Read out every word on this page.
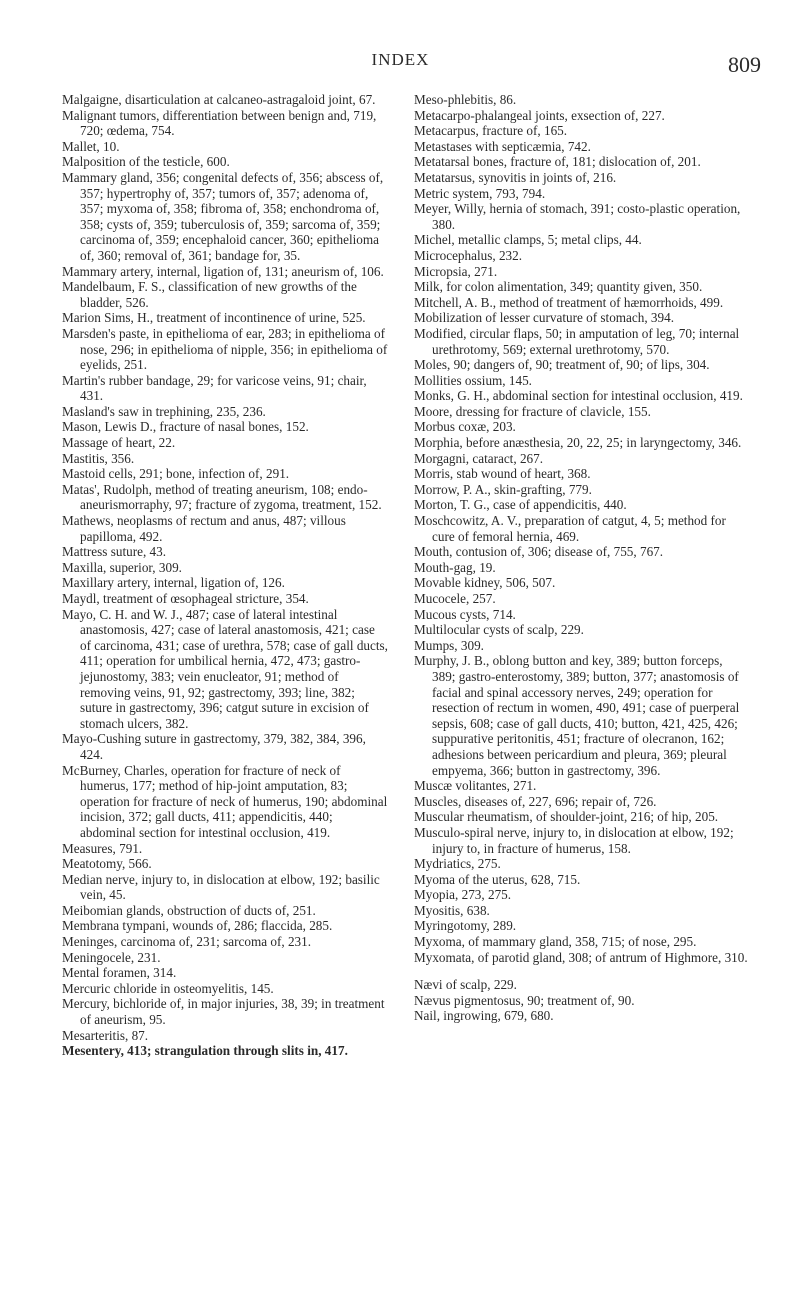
INDEX	809
Malgaigne, disarticulation at calcaneo-astragaloid joint, 67.
Malignant tumors, differentiation between benign and, 719, 720; œdema, 754.
Mallet, 10.
Malposition of the testicle, 600.
Mammary gland, 356; congenital defects of, 356; abscess of, 357; hypertrophy of, 357; tumors of, 357; adenoma of, 357; myxoma of, 358; fibroma of, 358; enchondroma of, 358; cysts of, 359; tuberculosis of, 359; sarcoma of, 359; carcinoma of, 359; encephaloid cancer, 360; epithelioma of, 360; removal of, 361; bandage for, 35.
Mammary artery, internal, ligation of, 131; aneurism of, 106.
Mandelbaum, F. S., classification of new growths of the bladder, 526.
Marion Sims, H., treatment of incontinence of urine, 525.
Marsden's paste, in epithelioma of ear, 283; in epithelioma of nose, 296; in epithelioma of nipple, 356; in epithelioma of eyelids, 251.
Martin's rubber bandage, 29; for varicose veins, 91; chair, 431.
Masland's saw in trephining, 235, 236.
Mason, Lewis D., fracture of nasal bones, 152.
Massage of heart, 22.
Mastitis, 356.
Mastoid cells, 291; bone, infection of, 291.
Matas', Rudolph, method of treating aneurism, 108; endo-aneurismorraphy, 97; fracture of zygoma, treatment, 152.
Mathews, neoplasms of rectum and anus, 487; villous papilloma, 492.
Mattress suture, 43.
Maxilla, superior, 309.
Maxillary artery, internal, ligation of, 126.
Maydl, treatment of œsophageal stricture, 354.
Mayo, C. H. and W. J., 487; case of lateral intestinal anastomosis, 427; case of lateral anastomosis, 421; case of carcinoma, 431; case of urethra, 578; case of gall ducts, 411; operation for umbilical hernia, 472, 473; gastro-jejunostomy, 383; vein enucleator, 91; method of removing veins, 91, 92; gastrectomy, 393; line, 382; suture in gastrectomy, 396; catgut suture in excision of stomach ulcers, 382.
Mayo-Cushing suture in gastrectomy, 379, 382, 384, 396, 424.
McBurney, Charles, operation for fracture of neck of humerus, 177; method of hip-joint amputation, 83; operation for fracture of neck of humerus, 190; abdominal incision, 372; gall ducts, 411; appendicitis, 440; abdominal section for intestinal occlusion, 419.
Measures, 791.
Meatotomy, 566.
Median nerve, injury to, in dislocation at elbow, 192; basilic vein, 45.
Meibomian glands, obstruction of ducts of, 251.
Membrana tympani, wounds of, 286; flaccida, 285.
Meninges, carcinoma of, 231; sarcoma of, 231.
Meningocele, 231.
Mental foramen, 314.
Mercuric chloride in osteomyelitis, 145.
Mercury, bichloride of, in major injuries, 38, 39; in treatment of aneurism, 95.
Mesarteritis, 87.
Mesentery, 413; strangulation through slits in, 417.
Meso-phlebitis, 86.
Metacarpo-phalangeal joints, exsection of, 227.
Metacarpus, fracture of, 165.
Metastases with septicæmia, 742.
Metatarsal bones, fracture of, 181; dislocation of, 201.
Metatarsus, synovitis in joints of, 216.
Metric system, 793, 794.
Meyer, Willy, hernia of stomach, 391; costo-plastic operation, 380.
Michel, metallic clamps, 5; metal clips, 44.
Microcephalus, 232.
Micropsia, 271.
Milk, for colon alimentation, 349; quantity given, 350.
Mitchell, A. B., method of treatment of hæmorrhoids, 499.
Mobilization of lesser curvature of stomach, 394.
Modified, circular flaps, 50; in amputation of leg, 70; internal urethrotomy, 569; external urethrotomy, 570.
Moles, 90; dangers of, 90; treatment of, 90; of lips, 304.
Mollities ossium, 145.
Monks, G. H., abdominal section for intestinal occlusion, 419.
Moore, dressing for fracture of clavicle, 155.
Morbus coxæ, 203.
Morphia, before anæsthesia, 20, 22, 25; in laryngectomy, 346.
Morgagni, cataract, 267.
Morris, stab wound of heart, 368.
Morrow, P. A., skin-grafting, 779.
Morton, T. G., case of appendicitis, 440.
Moschcowitz, A. V., preparation of catgut, 4, 5; method for cure of femoral hernia, 469.
Mouth, contusion of, 306; disease of, 755, 767.
Mouth-gag, 19.
Movable kidney, 506, 507.
Mucocele, 257.
Mucous cysts, 714.
Multilocular cysts of scalp, 229.
Mumps, 309.
Murphy, J. B., oblong button and key, 389; button forceps, 389; gastro-enterostomy, 389; button, 377; anastomosis of facial and spinal accessory nerves, 249; operation for resection of rectum in women, 490, 491; case of puerperal sepsis, 608; case of gall ducts, 410; button, 421, 425, 426; suppurative peritonitis, 451; fracture of olecranon, 162; adhesions between pericardium and pleura, 369; pleural empyema, 366; button in gastrectomy, 396.
Muscæ volitantes, 271.
Muscles, diseases of, 227, 696; repair of, 726.
Muscular rheumatism, of shoulder-joint, 216; of hip, 205.
Musculo-spiral nerve, injury to, in dislocation at elbow, 192; injury to, in fracture of humerus, 158.
Mydriatics, 275.
Myoma of the uterus, 628, 715.
Myopia, 273, 275.
Myositis, 638.
Myringotomy, 289.
Myxoma, of mammary gland, 358, 715; of nose, 295.
Myxomata, of parotid gland, 308; of antrum of Highmore, 310.
Nævi of scalp, 229.
Nævus pigmentosus, 90; treatment of, 90.
Nail, ingrowing, 679, 680.
